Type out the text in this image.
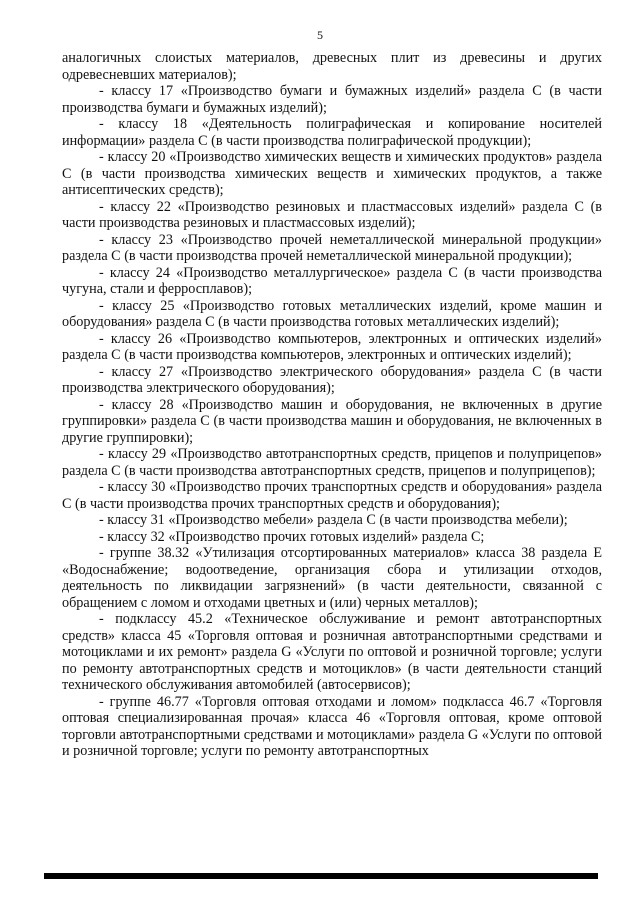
5

аналогичных слоистых материалов, древесных плит из древесины и других одревесневших материалов);

- классу 17 «Производство бумаги и бумажных изделий» раздела С (в части производства бумаги и бумажных изделий);

- классу 18 «Деятельность полиграфическая и копирование носителей информации» раздела С (в части производства полиграфической продукции);

- классу 20 «Производство химических веществ и химических продуктов» раздела С (в части производства химических веществ и химических продуктов, а также антисептических средств);

- классу 22 «Производство резиновых и пластмассовых изделий» раздела С (в части производства резиновых и пластмассовых изделий);

- классу 23 «Производство прочей неметаллической минеральной продукции» раздела С (в части производства прочей неметаллической минеральной продукции);

- классу 24 «Производство металлургическое» раздела С (в части производства чугуна, стали и ферросплавов);

- классу 25 «Производство готовых металлических изделий, кроме машин и оборудования» раздела С (в части производства готовых металлических изделий);

- классу 26 «Производство компьютеров, электронных и оптических изделий» раздела С (в части производства компьютеров, электронных и оптических изделий);

- классу 27 «Производство электрического оборудования» раздела С (в части производства электрического оборудования);

- классу 28 «Производство машин и оборудования, не включенных в другие группировки» раздела С (в части производства машин и оборудования, не включенных в другие группировки);

- классу 29 «Производство автотранспортных средств, прицепов и полуприцепов» раздела С (в части производства автотранспортных средств, прицепов и полуприцепов);

- классу 30 «Производство прочих транспортных средств и оборудования» раздела С (в части производства прочих транспортных средств и оборудования);

- классу 31 «Производство мебели» раздела С (в части производства мебели);

- классу 32 «Производство прочих готовых изделий» раздела С;

- группе 38.32 «Утилизация отсортированных материалов» класса 38 раздела E «Водоснабжение; водоотведение, организация сбора и утилизации отходов, деятельность по ликвидации загрязнений» (в части деятельности, связанной с обращением с ломом и отходами цветных и (или) черных металлов);

- подклассу 45.2 «Техническое обслуживание и ремонт автотранспортных средств» класса 45 «Торговля оптовая и розничная автотранспортными средствами и мотоциклами и их ремонт» раздела G «Услуги по оптовой и розничной торговле; услуги по ремонту автотранспортных средств и мотоциклов» (в части деятельности станций технического обслуживания автомобилей (автосервисов);

- группе 46.77 «Торговля оптовая отходами и ломом» подкласса 46.7 «Торговля оптовая специализированная прочая» класса 46 «Торговля оптовая, кроме оптовой торговли автотранспортными средствами и мотоциклами» раздела G «Услуги по оптовой и розничной торговле; услуги по ремонту автотранспортных
